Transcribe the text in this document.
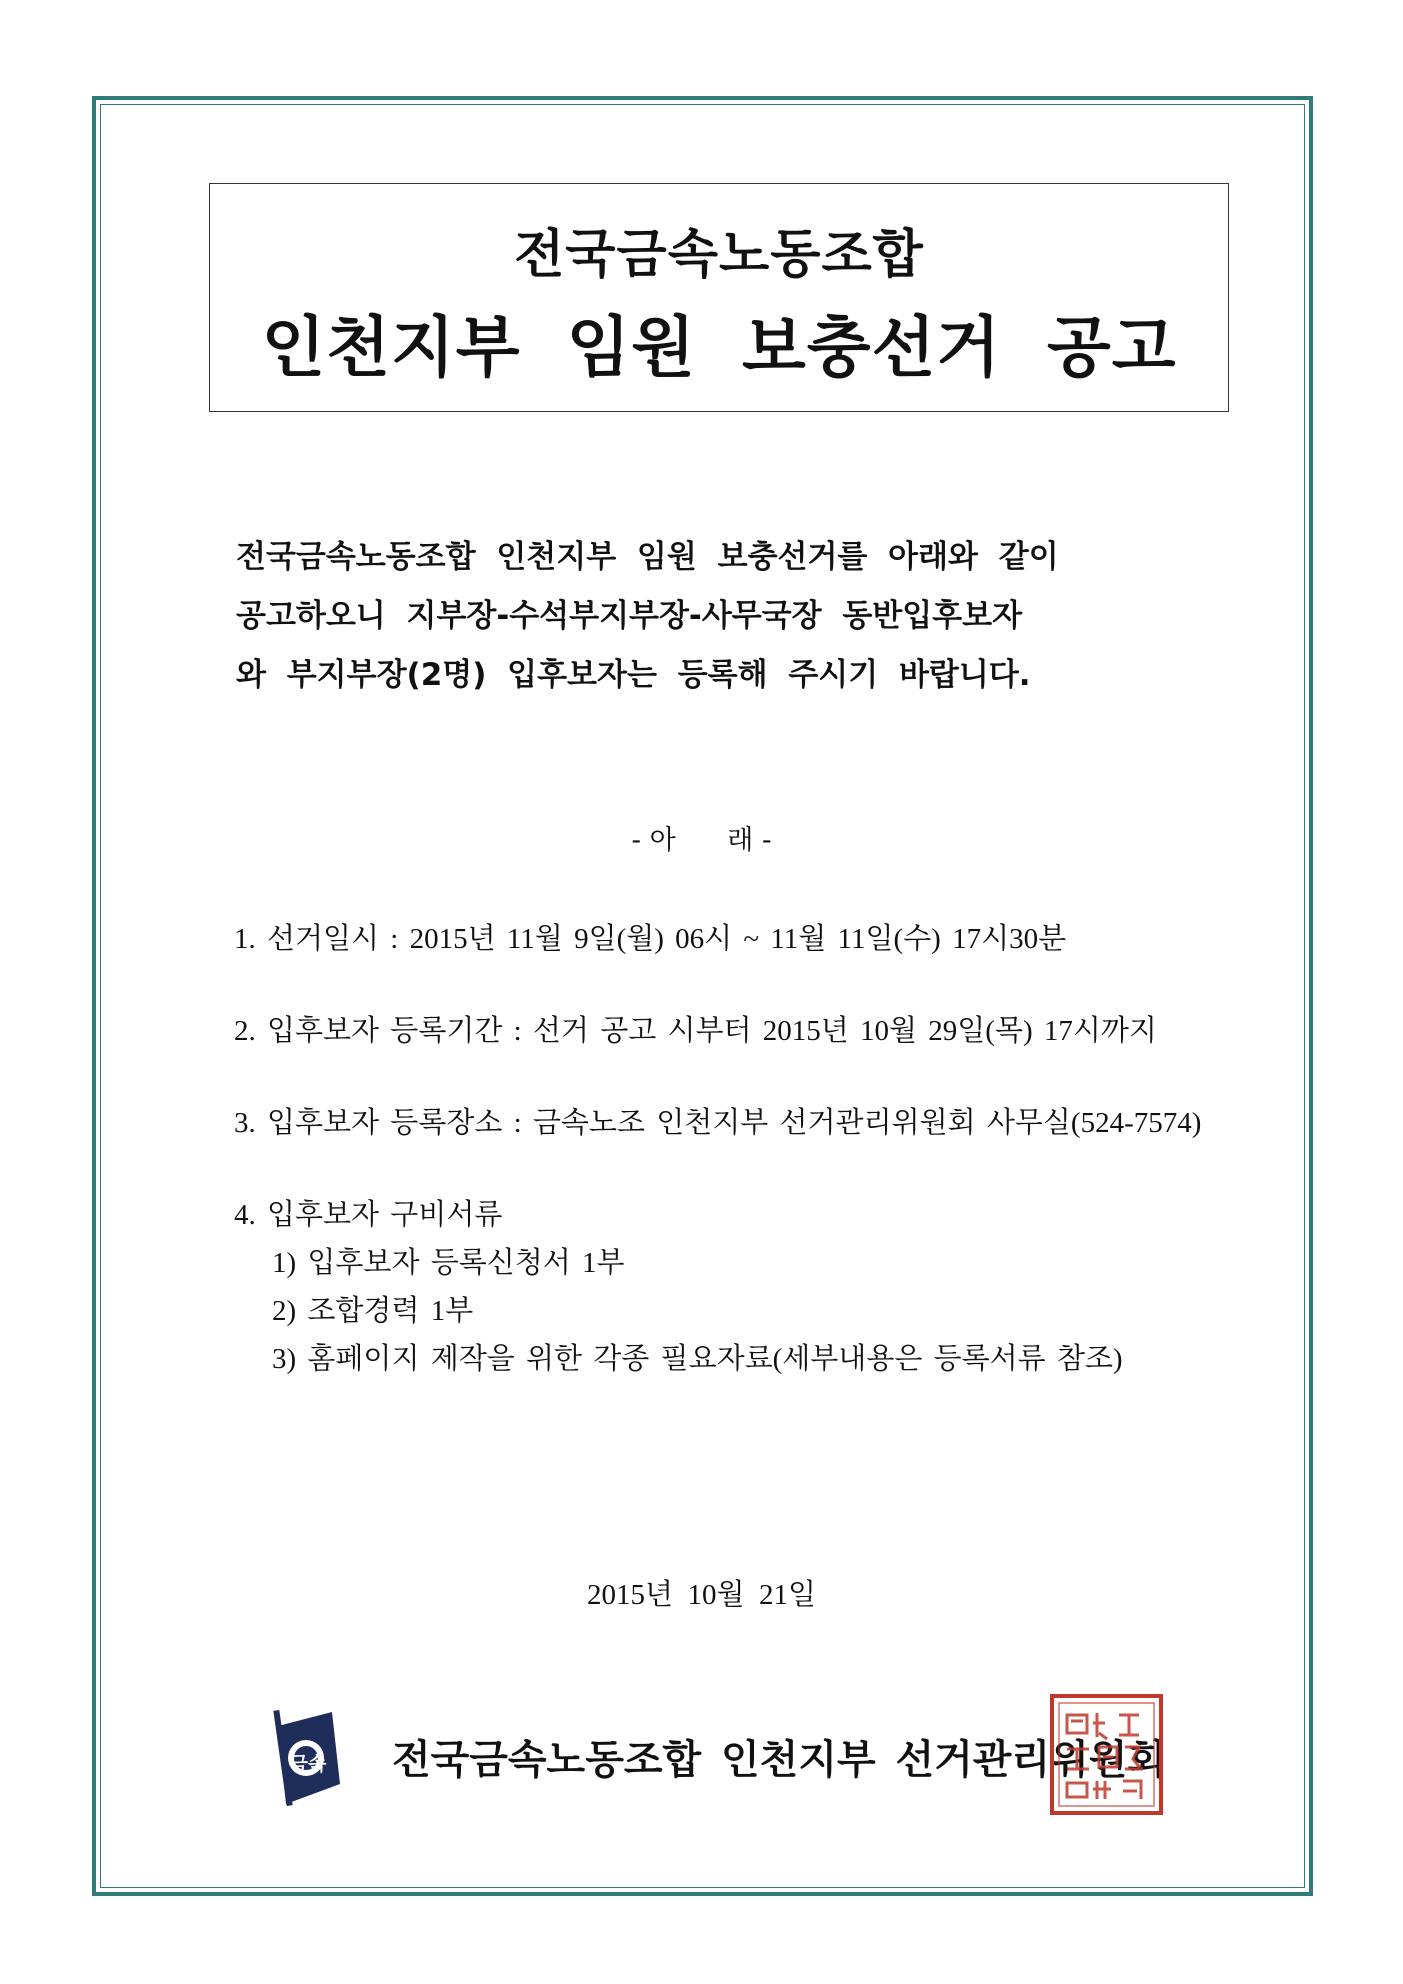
전국금속노동조합
인천지부 임원 보충선거 공고
전국금속노동조합 인천지부 임원 보충선거를 아래와 같이
공고하오니 지부장-수석부지부장-사무국장 동반입후보자
와 부지부장(2명) 입후보자는 등록해 주시기 바랍니다.
- 아      래 -
1. 선거일시 : 2015년 11월 9일(월) 06시 ~ 11월 11일(수) 17시30분
2. 입후보자 등록기간 : 선거 공고 시부터 2015년 10월 29일(목) 17시까지
3. 입후보자 등록장소 : 금속노조 인천지부 선거관리위원회 사무실(524-7574)
4. 입후보자 구비서류
1) 입후보자 등록신청서 1부
2) 조합경력 1부
3) 홈페이지 제작을 위한 각종 필요자료(세부내용은 등록서류 참조)
2015년  10월  21일
금속 전국금속노동조합 인천지부 선거관리위원회
